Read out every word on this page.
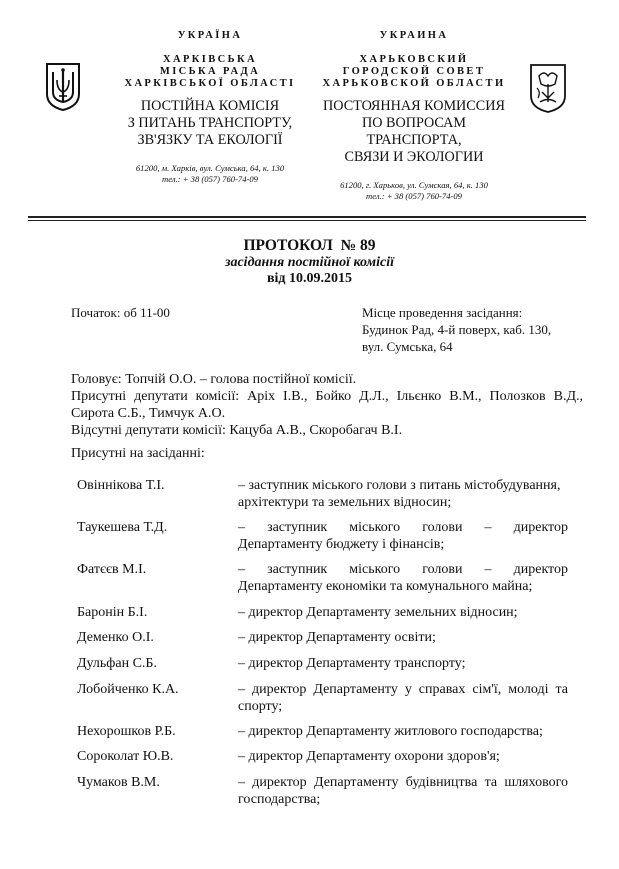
УКРАЇНА
ХАРКІВСЬКА
МІСЬКА РАДА
ХАРКІВСЬКОЇ ОБЛАСТІ
ПОСТІЙНА КОМІСІЯ
З ПИТАНЬ ТРАНСПОРТУ,
ЗВ'ЯЗКУ ТА ЕКОЛОГІЇ
61200, м. Харків, вул. Сумська, 64, к. 130
тел.: + 38 (057) 760-74-09
УКРАИНА
ХАРЬКОВСКИЙ
ГОРОДСКОЙ СОВЕТ
ХАРЬКОВСКОЙ ОБЛАСТИ
ПОСТОЯННАЯ КОМИССИЯ
ПО ВОПРОСАМ ТРАНСПОРТА,
СВЯЗИ И ЭКОЛОГИИ
61200, г. Харьков, ул. Сумская, 64, к. 130
тел.: + 38 (057) 760-74-09
ПРОТОКОЛ  № 89
засідання постійної комісії
від 10.09.2015
Початок: об 11-00	Місце проведення засідання:
Будинок Рад, 4-й поверх, каб. 130,
вул. Сумська, 64
Головує: Топчій О.О. – голова постійної комісії.
Присутні депутати комісії: Аріх І.В., Бойко Д.Л., Ільєнко В.М., Полозков В.Д.,
Сирота С.Б., Тимчук А.О.
Відсутні депутати комісії: Кацуба А.В., Скоробагач В.І.
Присутні на засіданні:
Овіннікова Т.І.	– заступник міського голови з питань містобудування,
архітектури та земельних відносин;
Таукешева Т.Д.	– заступник міського голови – директор
Департаменту бюджету і фінансів;
Фатєєв М.І.	– заступник міського голови – директор
Департаменту економіки та комунального майна;
Баронін Б.І.	– директор Департаменту земельних відносин;
Деменко О.І.	– директор Департаменту освіти;
Дульфан С.Б.	– директор Департаменту транспорту;
Лобойченко К.А.	– директор Департаменту у справах сім'ї, молоді та
спорту;
Нехорошков Р.Б.	– директор Департаменту житлового господарства;
Сороколат Ю.В.	– директор Департаменту охорони здоров'я;
Чумаков В.М.	– директор Департаменту будівництва та шляхового
господарства;
